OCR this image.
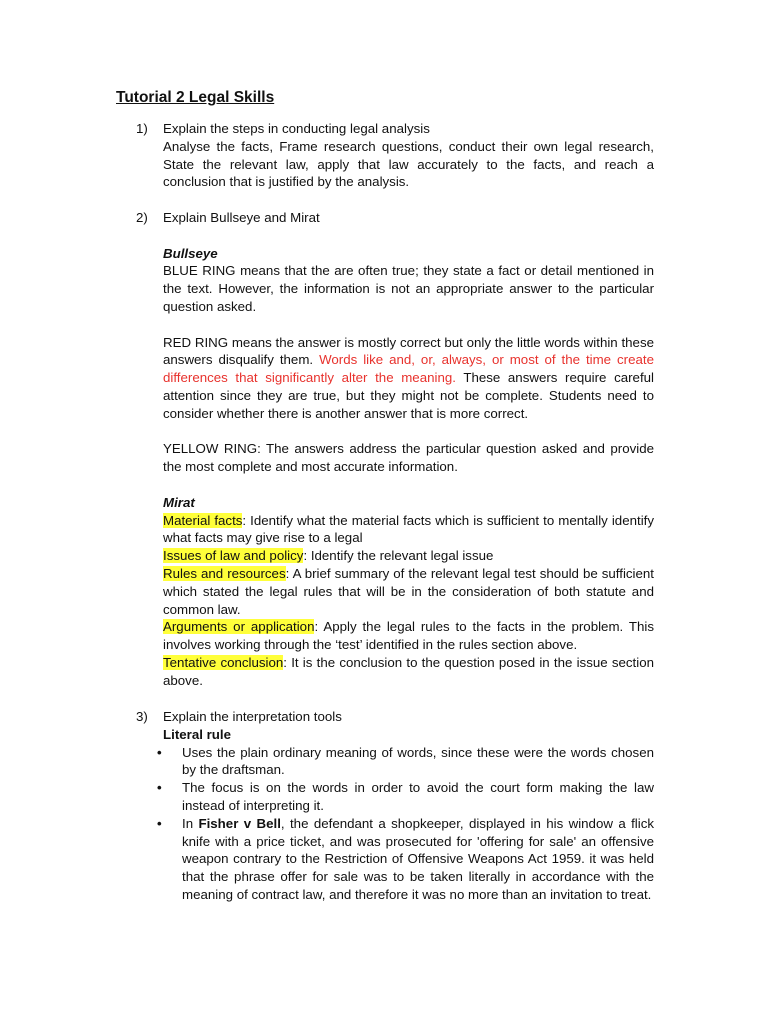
Tutorial 2 Legal Skills
1) Explain the steps in conducting legal analysis
Analyse the facts, Frame research questions, conduct their own legal research, State the relevant law, apply that law accurately to the facts, and reach a conclusion that is justified by the analysis.
2) Explain Bullseye and Mirat
Bullseye
BLUE RING means that the are often true; they state a fact or detail mentioned in the text. However, the information is not an appropriate answer to the particular question asked.
RED RING means the answer is mostly correct but only the little words within these answers disqualify them. Words like and, or, always, or most of the time create differences that significantly alter the meaning. These answers require careful attention since they are true, but they might not be complete. Students need to consider whether there is another answer that is more correct.
YELLOW RING: The answers address the particular question asked and provide the most complete and most accurate information.
Mirat
Material facts: Identify what the material facts which is sufficient to mentally identify what facts may give rise to a legal
Issues of law and policy: Identify the relevant legal issue
Rules and resources: A brief summary of the relevant legal test should be sufficient which stated the legal rules that will be in the consideration of both statute and common law.
Arguments or application: Apply the legal rules to the facts in the problem. This involves working through the ‘test’ identified in the rules section above.
Tentative conclusion: It is the conclusion to the question posed in the issue section above.
3) Explain the interpretation tools
Literal rule
• Uses the plain ordinary meaning of words, since these were the words chosen by the draftsman.
• The focus is on the words in order to avoid the court form making the law instead of interpreting it.
• In Fisher v Bell, the defendant a shopkeeper, displayed in his window a flick knife with a price ticket, and was prosecuted for 'offering for sale' an offensive weapon contrary to the Restriction of Offensive Weapons Act 1959. it was held that the phrase offer for sale was to be taken literally in accordance with the meaning of contract law, and therefore it was no more than an invitation to treat.
